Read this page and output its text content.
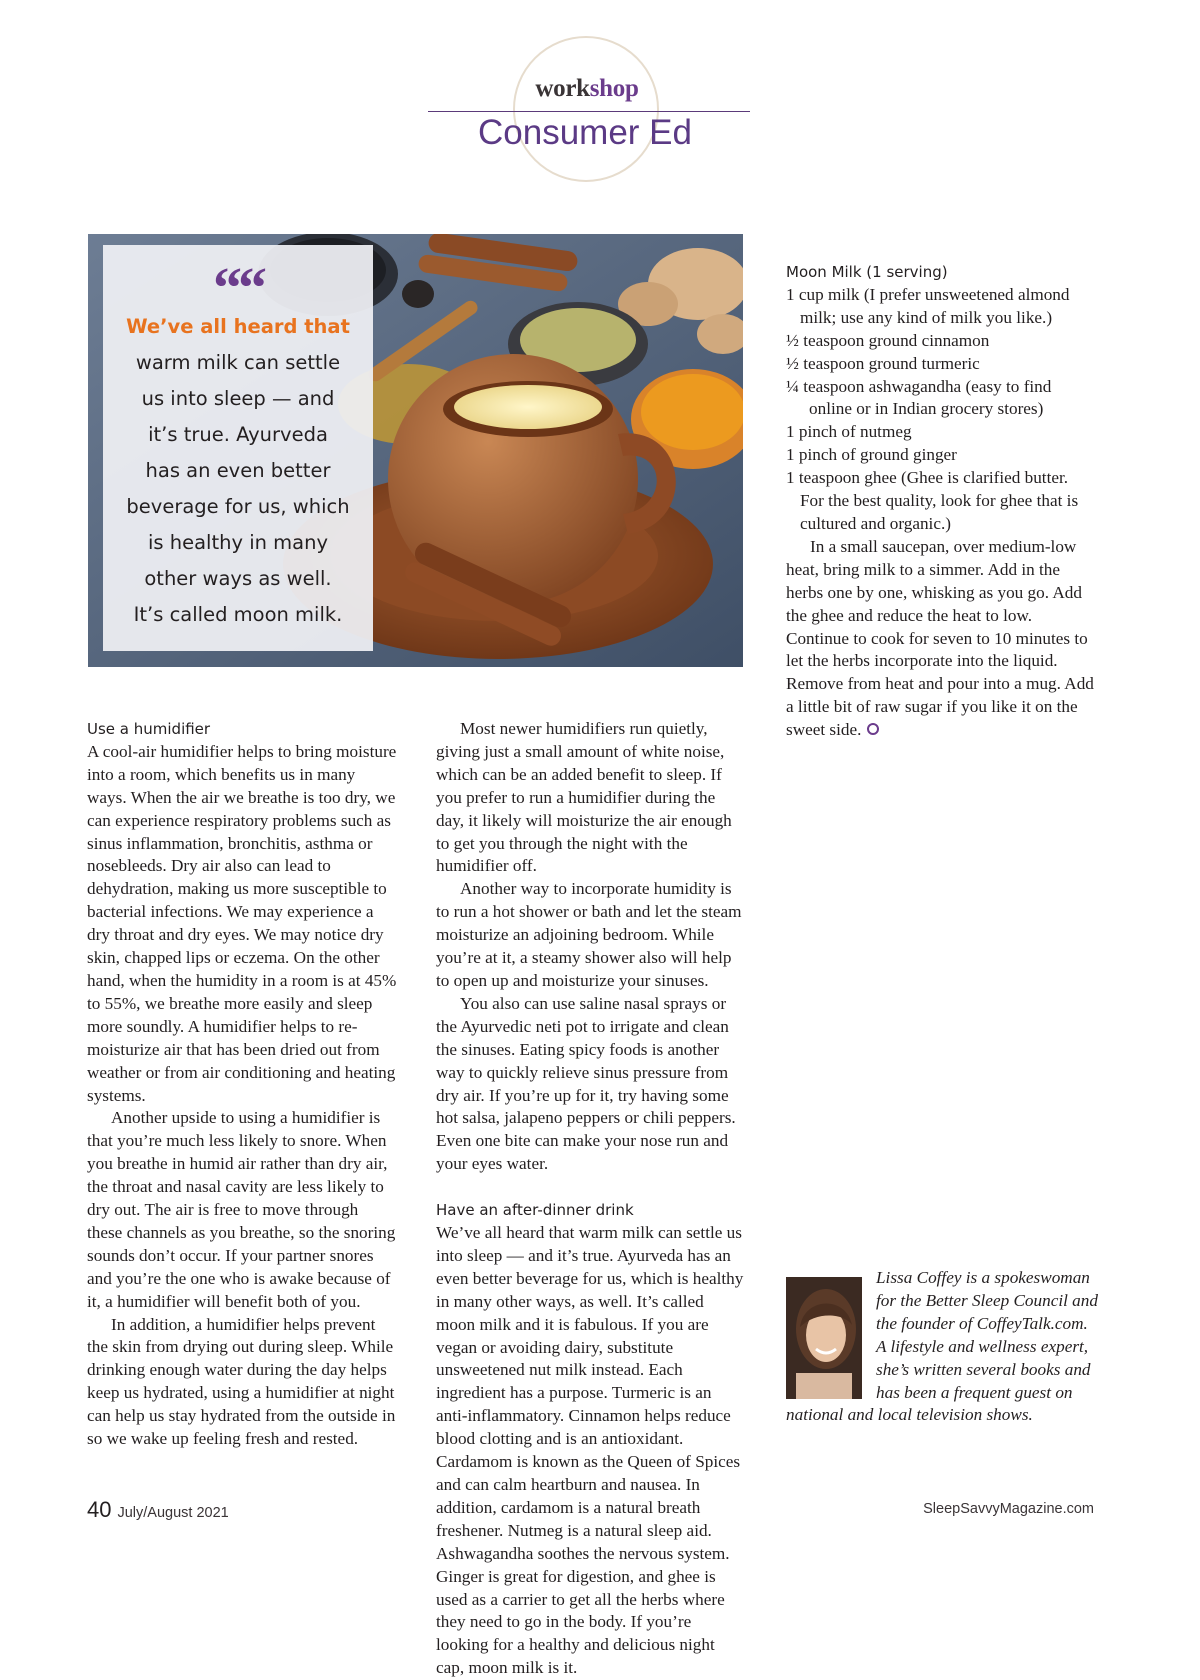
workshop
Consumer Ed
““
We’ve all heard that
warm milk can settle
us into sleep — and
it’s true. Ayurveda
has an even better
beverage for us, which
is healthy in many
other ways as well.
It’s called moon milk.
Use a humidifier

A cool-air humidifier helps to bring moisture into a room, which benefits us in many ways. When the air we breathe is too dry, we can experience respiratory problems such as sinus inflammation, bronchitis, asthma or nosebleeds. Dry air also can lead to dehydration, making us more susceptible to bacterial infections. We may experience a dry throat and dry eyes. We may notice dry skin, chapped lips or eczema. On the other hand, when the humidity in a room is at 45% to 55%, we breathe more easily and sleep more soundly. A humidifier helps to re-moisturize air that has been dried out from weather or from air conditioning and heating systems.

Another upside to using a humidifier is that you’re much less likely to snore. When you breathe in humid air rather than dry air, the throat and nasal cavity are less likely to dry out. The air is free to move through these channels as you breathe, so the snoring sounds don’t occur. If your partner snores and you’re the one who is awake because of it, a humidifier will benefit both of you.

In addition, a humidifier helps prevent the skin from drying out during sleep. While drinking enough water during the day helps keep us hydrated, using a humidifier at night can help us stay hydrated from the outside in so we wake up feeling fresh and rested.

Most newer humidifiers run quietly, giving just a small amount of white noise, which can be an added benefit to sleep. If you prefer to run a humidifier during the day, it likely will moisturize the air enough to get you through the night with the humidifier off.

Another way to incorporate humidity is to run a hot shower or bath and let the steam moisturize an adjoining bedroom. While you’re at it, a steamy shower also will help to open up and moisturize your sinuses.

You also can use saline nasal sprays or the Ayurvedic neti pot to irrigate and clean the sinuses. Eating spicy foods is another way to quickly relieve sinus pressure from dry air. If you’re up for it, try having some hot salsa, jalapeno peppers or chili peppers. Even one bite can make your nose run and your eyes water.

Have an after-dinner drink

We’ve all heard that warm milk can settle us into sleep — and it’s true. Ayurveda has an even better beverage for us, which is healthy in many other ways, as well. It’s called moon milk and it is fabulous. If you are vegan or avoiding dairy, substitute unsweetened nut milk instead. Each ingredient has a purpose. Turmeric is an anti-inflammatory. Cinnamon helps reduce blood clotting and is an antioxidant. Cardamom is known as the Queen of Spices and can calm heartburn and nausea. In addition, cardamom is a natural breath freshener. Nutmeg is a natural sleep aid. Ashwagandha soothes the nervous system. Ginger is great for digestion, and ghee is used as a carrier to get all the herbs where they need to go in the body. If you’re looking for a healthy and delicious night cap, moon milk is it.

Moon Milk (1 serving)

1 cup milk (I prefer unsweetened almond milk; use any kind of milk you like.)

½ teaspoon ground cinnamon

½ teaspoon ground turmeric

¼ teaspoon ashwagandha (easy to find online or in Indian grocery stores)

1 pinch of nutmeg

1 pinch of ground ginger

1 teaspoon ghee (Ghee is clarified butter. For the best quality, look for ghee that is cultured and organic.)

In a small saucepan, over medium-low heat, bring milk to a simmer. Add in the herbs one by one, whisking as you go. Add the ghee and reduce the heat to low. Continue to cook for seven to 10 minutes to let the herbs incorporate into the liquid. Remove from heat and pour into a mug. Add a little bit of raw sugar if you like it on the sweet side.

Lissa Coffey is a spokeswoman for the Better Sleep Council and the founder of CoffeyTalk.com. A lifestyle and wellness expert, she’s written several books and has been a frequent guest on national and local television shows.
40 July/August 2021	SleepSavvyMagazine.com
